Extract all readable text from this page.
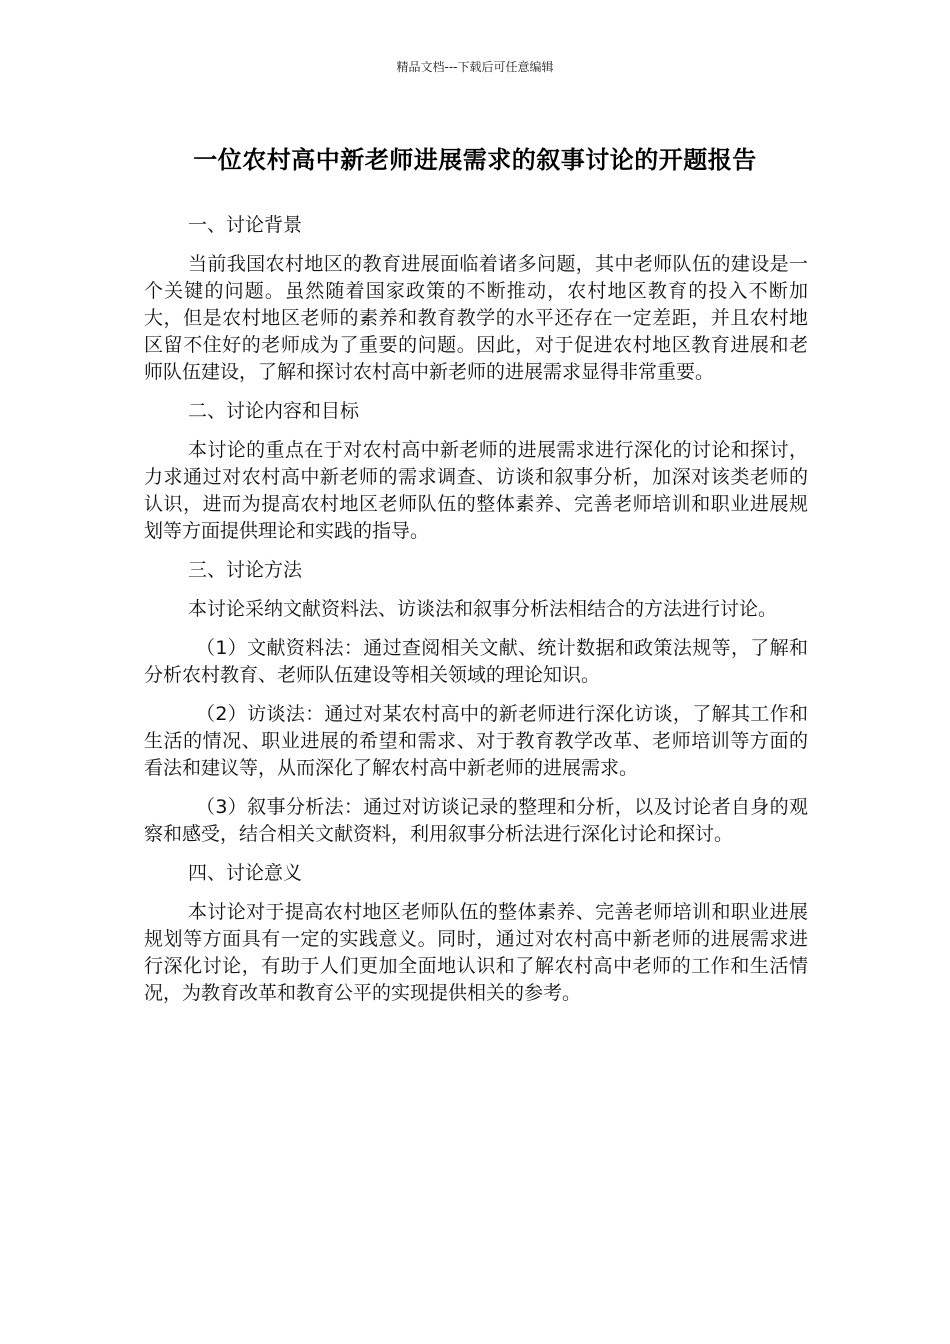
精品文档---下载后可任意编辑
一位农村高中新老师进展需求的叙事讨论的开题报告

一、讨论背景

当前我国农村地区的教育进展面临着诸多问题，其中老师队伍的建设是一个关键的问题。虽然随着国家政策的不断推动，农村地区教育的投入不断加大，但是农村地区老师的素养和教育教学的水平还存在一定差距，并且农村地区留不住好的老师成为了重要的问题。因此，对于促进农村地区教育进展和老师队伍建设，了解和探讨农村高中新老师的进展需求显得非常重要。

二、讨论内容和目标

本讨论的重点在于对农村高中新老师的进展需求进行深化的讨论和探讨，力求通过对农村高中新老师的需求调查、访谈和叙事分析，加深对该类老师的认识，进而为提高农村地区老师队伍的整体素养、完善老师培训和职业进展规划等方面提供理论和实践的指导。

三、讨论方法

本讨论采纳文献资料法、访谈法和叙事分析法相结合的方法进行讨论。

（1）文献资料法：通过查阅相关文献、统计数据和政策法规等，了解和分析农村教育、老师队伍建设等相关领域的理论知识。

（2）访谈法：通过对某农村高中的新老师进行深化访谈，了解其工作和生活的情况、职业进展的希望和需求、对于教育教学改革、老师培训等方面的看法和建议等，从而深化了解农村高中新老师的进展需求。

（3）叙事分析法：通过对访谈记录的整理和分析，以及讨论者自身的观察和感受，结合相关文献资料，利用叙事分析法进行深化讨论和探讨。

四、讨论意义

本讨论对于提高农村地区老师队伍的整体素养、完善老师培训和职业进展规划等方面具有一定的实践意义。同时，通过对农村高中新老师的进展需求进行深化讨论，有助于人们更加全面地认识和了解农村高中老师的工作和生活情况，为教育改革和教育公平的实现提供相关的参考。
